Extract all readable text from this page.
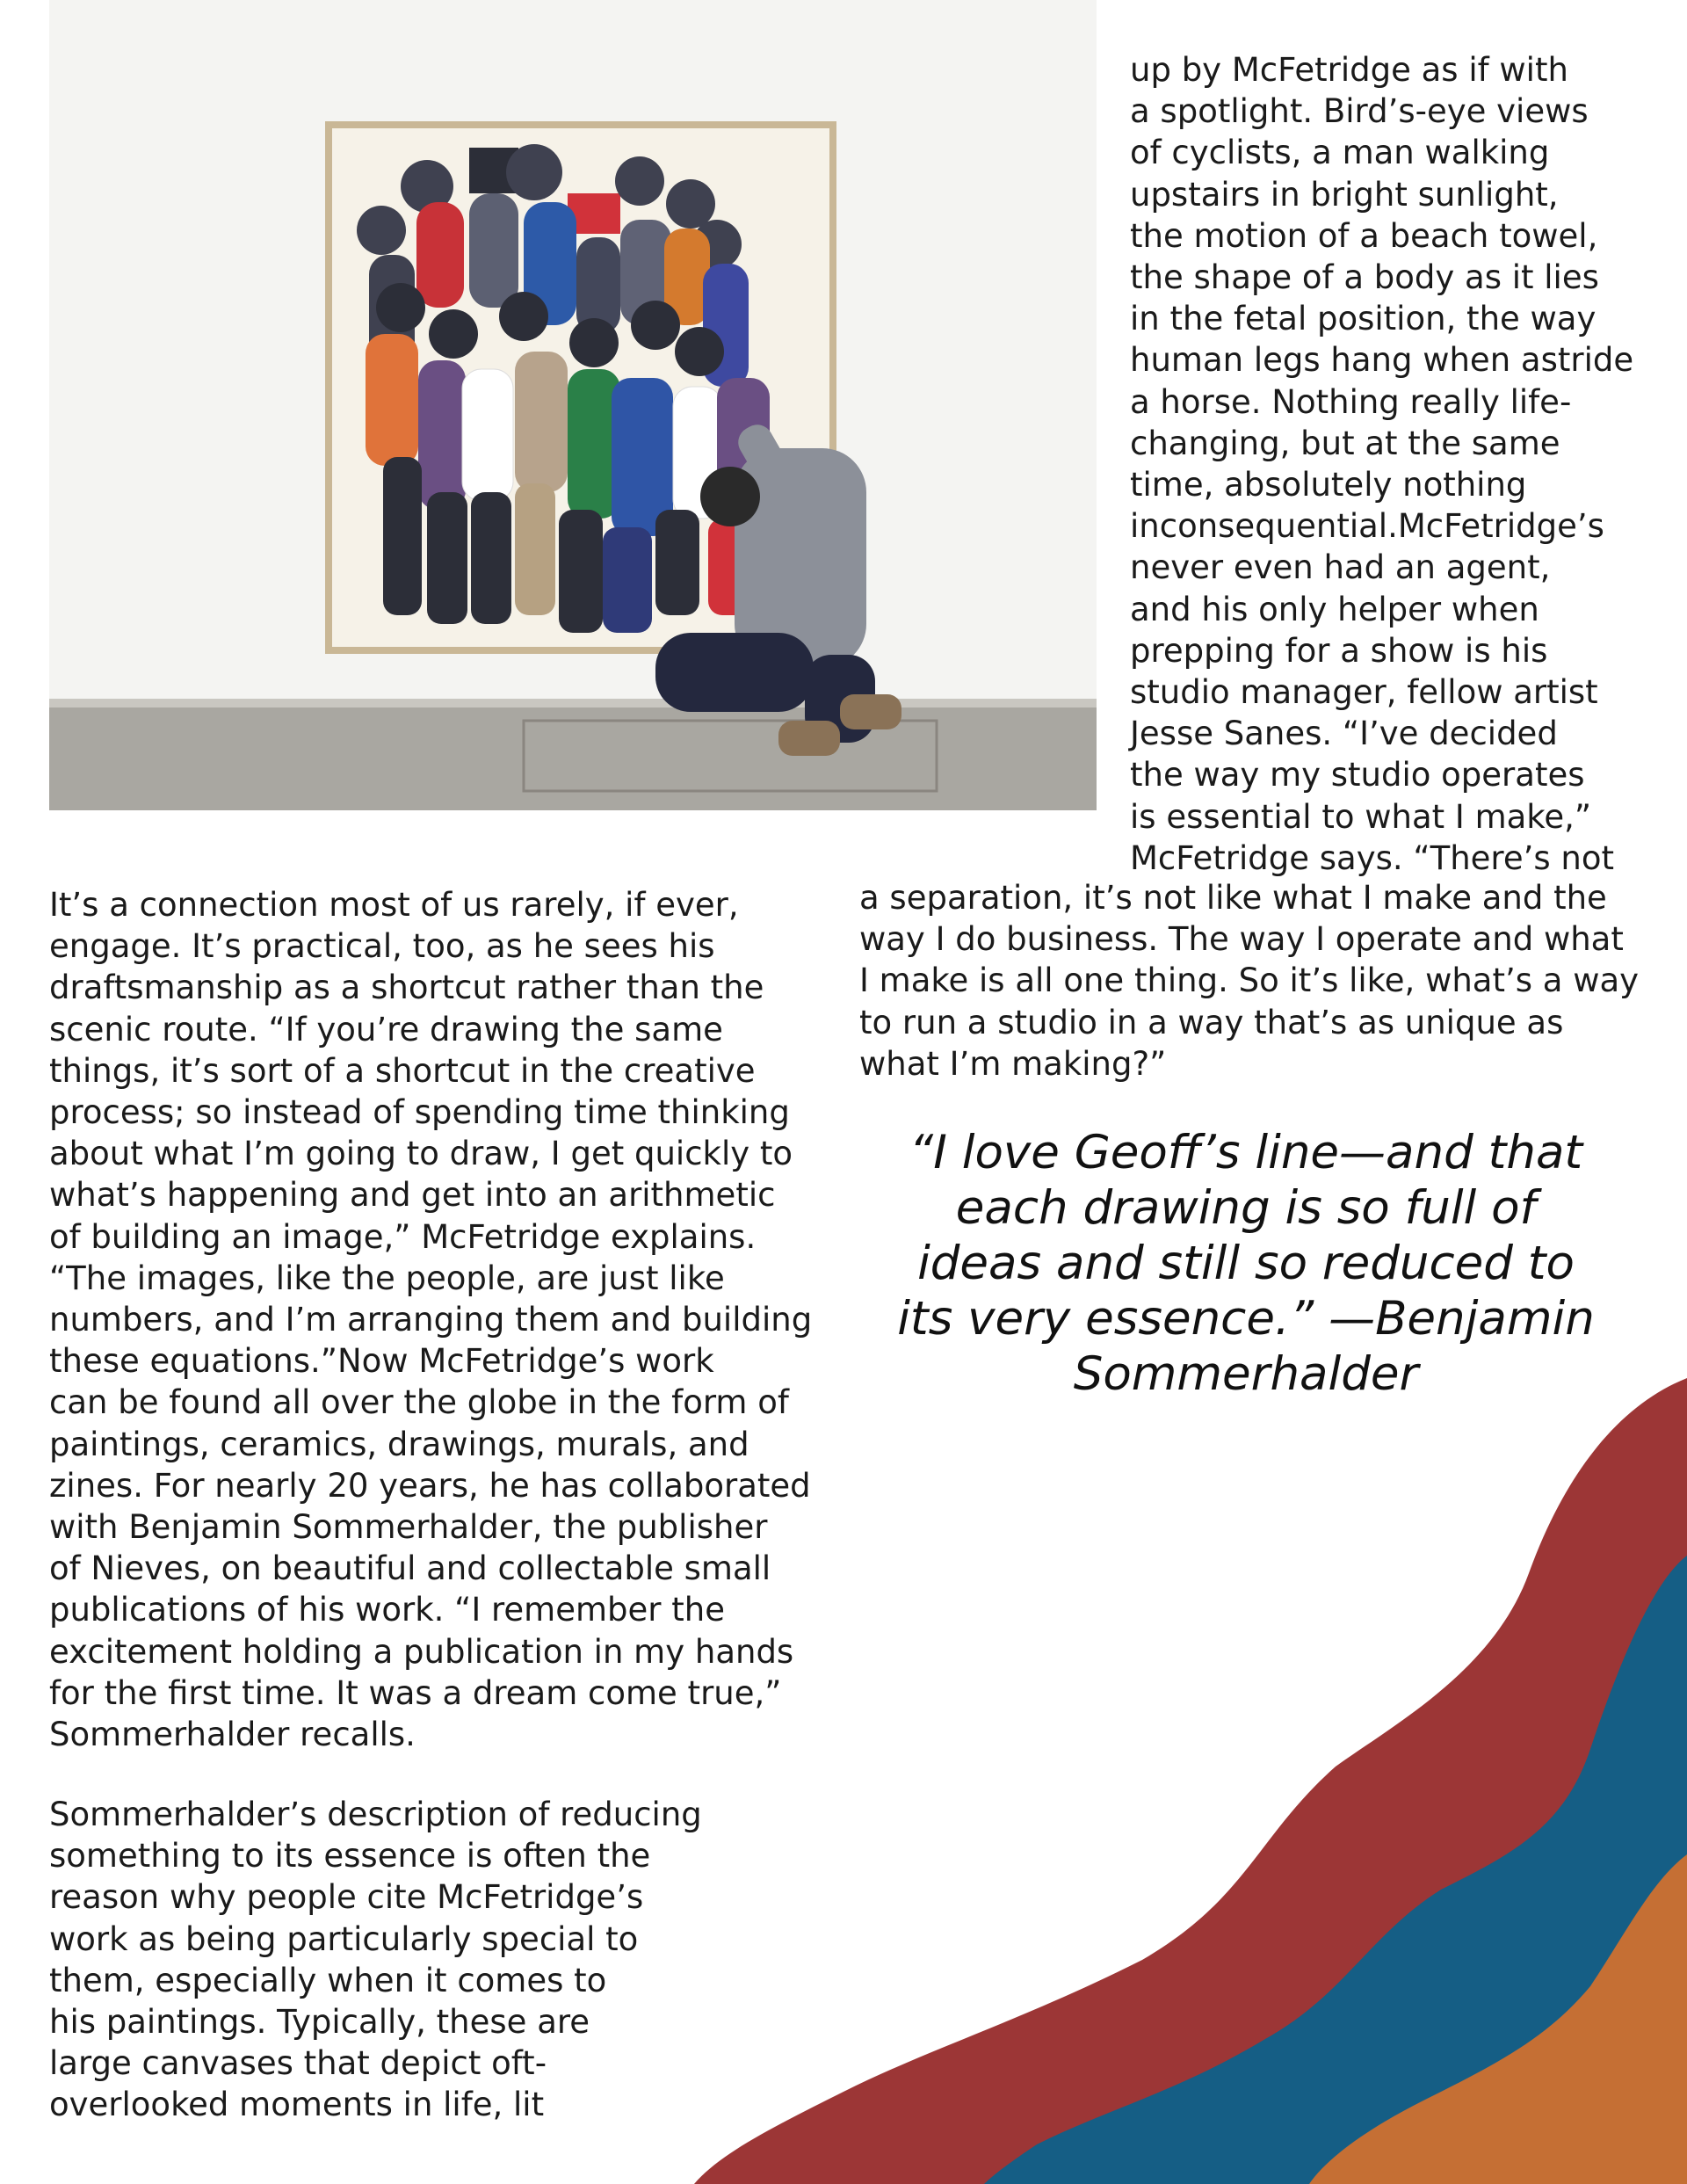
up by McFetridge as if with
a spotlight. Bird’s-eye views
of cyclists, a man walking
upstairs in bright sunlight,
the motion of a beach towel,
the shape of a body as it lies
in the fetal position, the way
human legs hang when astride
a horse. Nothing really life-
changing, but at the same
time, absolutely nothing
inconsequential.McFetridge’s
never even had an agent,
and his only helper when
prepping for a show is his
studio manager, fellow artist
Jesse Sanes. “I’ve decided
the way my studio operates
is essential to what I make,”
McFetridge says. “There’s not
a separation, it’s not like what I make and the
way I do business. The way I operate and what
I make is all one thing. So it’s like, what’s a way
to run a studio in a way that’s as unique as
what I’m making?”
It’s a connection most of us rarely, if ever,
engage. It’s practical, too, as he sees his
draftsmanship as a shortcut rather than the
scenic route. “If you’re drawing the same
things, it’s sort of a shortcut in the creative
process; so instead of spending time thinking
about what I’m going to draw, I get quickly to
what’s happening and get into an arithmetic
of building an image,” McFetridge explains.
“The images, like the people, are just like
numbers, and I’m arranging them and building
these equations.”Now McFetridge’s work
can be found all over the globe in the form of
paintings, ceramics, drawings, murals, and
zines. For nearly 20 years, he has collaborated
with Benjamin Sommerhalder, the publisher
of Nieves, on beautiful and collectable small
publications of his work. “I remember the
excitement holding a publication in my hands
for the first time. It was a dream come true,”
Sommerhalder recalls.
Sommerhalder’s description of reducing
something to its essence is often the
reason why people cite McFetridge’s
work as being particularly special to
them, especially when it comes to
his paintings. Typically, these are
large canvases that depict oft-
overlooked moments in life, lit
“I love Geoff’s line—and that
each drawing is so full of
ideas and still so reduced to
its very essence.” —Benjamin
Sommerhalder
